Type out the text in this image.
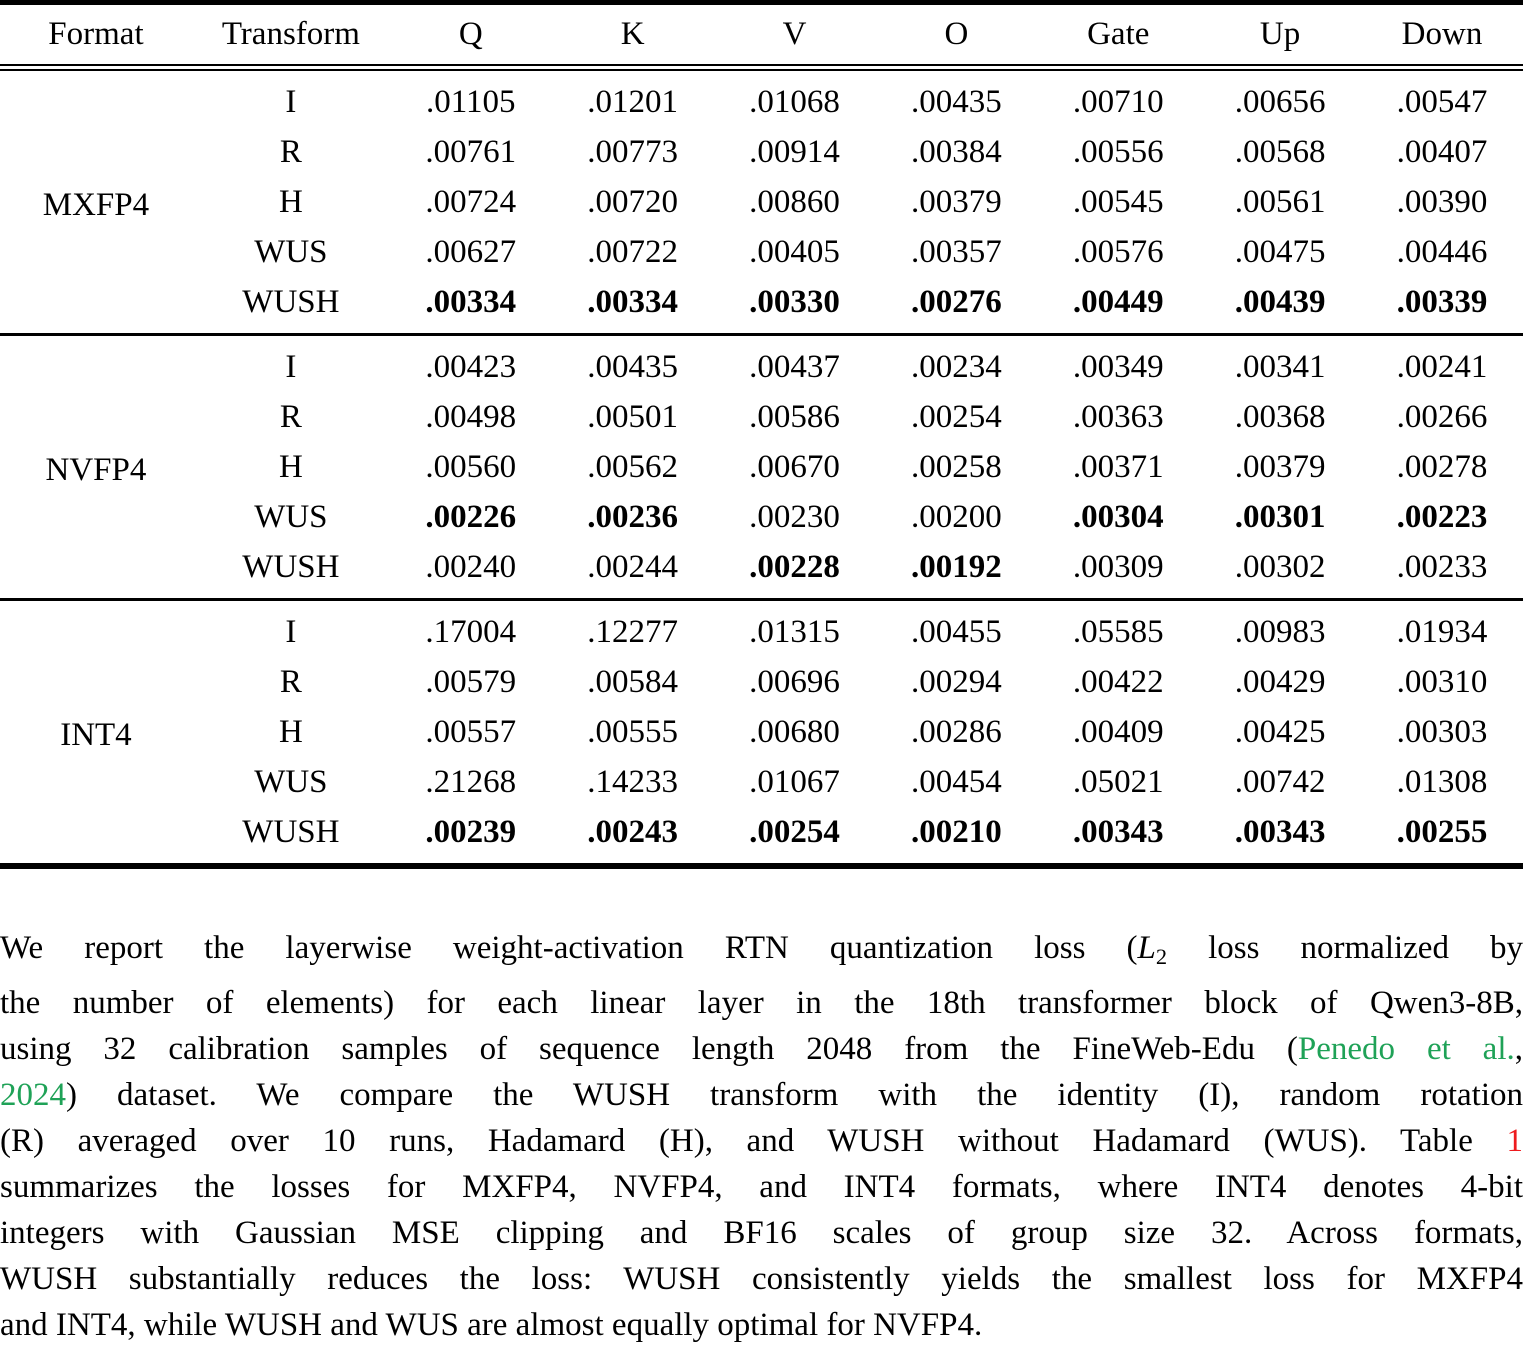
Format	Transform	Q	K	V	O	Gate	Up	Down
MXFP4	I	.01105	.01201	.01068	.00435	.00710	.00656	.00547
	R	.00761	.00773	.00914	.00384	.00556	.00568	.00407
	H	.00724	.00720	.00860	.00379	.00545	.00561	.00390
	WUS	.00627	.00722	.00405	.00357	.00576	.00475	.00446
	WUSH	.00334	.00334	.00330	.00276	.00449	.00439	.00339
NVFP4	I	.00423	.00435	.00437	.00234	.00349	.00341	.00241
	R	.00498	.00501	.00586	.00254	.00363	.00368	.00266
	H	.00560	.00562	.00670	.00258	.00371	.00379	.00278
	WUS	.00226	.00236	.00230	.00200	.00304	.00301	.00223
	WUSH	.00240	.00244	.00228	.00192	.00309	.00302	.00233
INT4	I	.17004	.12277	.01315	.00455	.05585	.00983	.01934
	R	.00579	.00584	.00696	.00294	.00422	.00429	.00310
	H	.00557	.00555	.00680	.00286	.00409	.00425	.00303
	WUS	.21268	.14233	.01067	.00454	.05021	.00742	.01308
	WUSH	.00239	.00243	.00254	.00210	.00343	.00343	.00255
We report the layerwise weight-activation RTN quantization loss (L2 loss normalized by
the number of elements) for each linear layer in the 18th transformer block of Qwen3-8B,
using 32 calibration samples of sequence length 2048 from the FineWeb-Edu (Penedo et al.,
2024) dataset. We compare the WUSH transform with the identity (I), random rotation
(R) averaged over 10 runs, Hadamard (H), and WUSH without Hadamard (WUS). Table 1
summarizes the losses for MXFP4, NVFP4, and INT4 formats, where INT4 denotes 4-bit
integers with Gaussian MSE clipping and BF16 scales of group size 32. Across formats,
WUSH substantially reduces the loss: WUSH consistently yields the smallest loss for MXFP4
and INT4, while WUSH and WUS are almost equally optimal for NVFP4.
